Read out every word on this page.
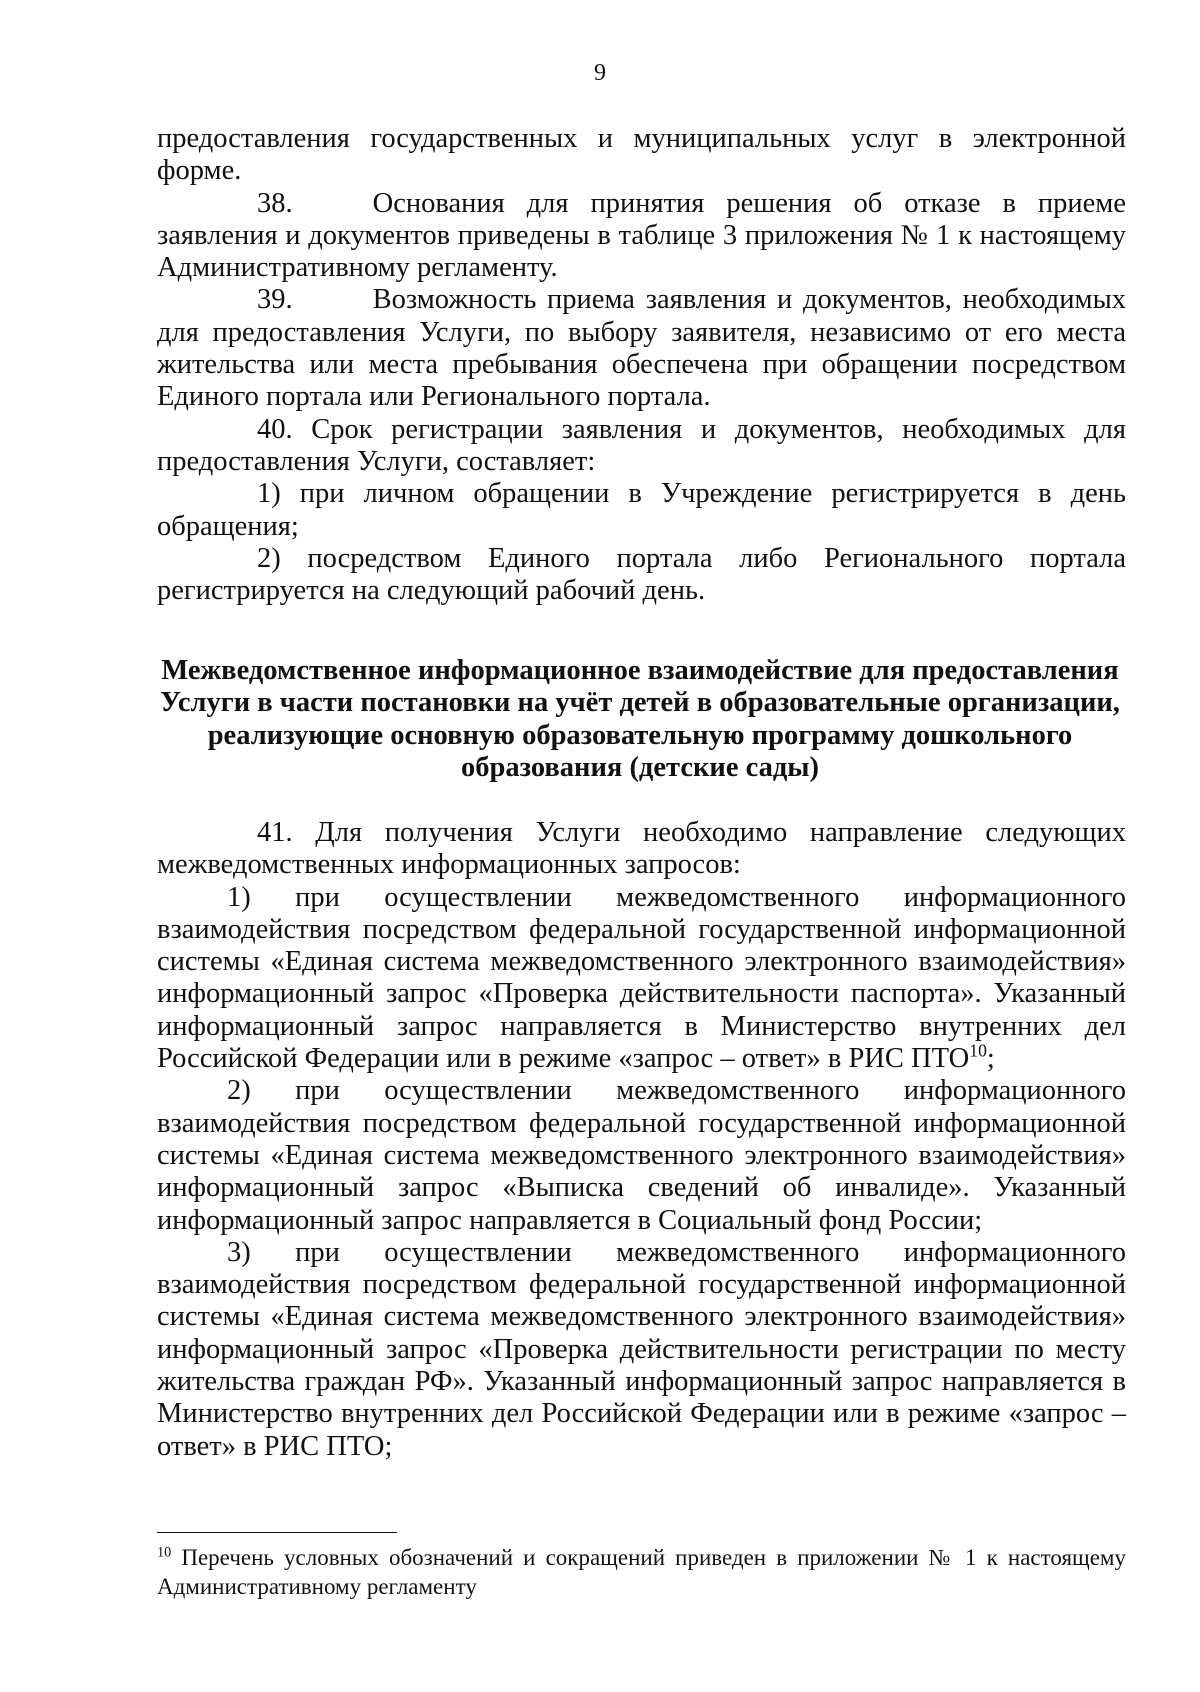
9

предоставления государственных и муниципальных услуг в электронной форме.

38.	Основания для принятия решения об отказе в приеме заявления и документов приведены в таблице 3 приложения № 1 к настоящему Административному регламенту.

39.	Возможность приема заявления и документов, необходимых для предоставления Услуги, по выбору заявителя, независимо от его места жительства или места пребывания обеспечена при обращении посредством Единого портала или Регионального портала.

40. Срок регистрации заявления и документов, необходимых для предоставления Услуги, составляет:

1) при личном обращении в Учреждение регистрируется в день обращения;

2) посредством Единого портала либо Регионального портала регистрируется на следующий рабочий день.

Межведомственное информационное взаимодействие для предоставления
Услуги в части постановки на учёт детей в образовательные организации,
реализующие основную образовательную программу дошкольного
образования (детские сады)

41. Для получения Услуги необходимо направление следующих межведомственных информационных запросов:

1) при осуществлении межведомственного информационного взаимодействия посредством федеральной государственной информационной системы «Единая система межведомственного электронного взаимодействия» информационный запрос «Проверка действительности паспорта». Указанный информационный запрос направляется в Министерство внутренних дел Российской Федерации или в режиме «запрос – ответ» в РИС ПТО$^{10}$;

2) при осуществлении межведомственного информационного взаимодействия посредством федеральной государственной информационной системы «Единая система межведомственного электронного взаимодействия» информационный запрос «Выписка сведений об инвалиде». Указанный информационный запрос направляется в Социальный фонд России;

3) при осуществлении межведомственного информационного взаимодействия посредством федеральной государственной информационной системы «Единая система межведомственного электронного взаимодействия» информационный запрос «Проверка действительности регистрации по месту жительства граждан РФ». Указанный информационный запрос направляется в Министерство внутренних дел Российской Федерации или в режиме «запрос – ответ» в РИС ПТО;

$^{10}$ Перечень условных обозначений и сокращений приведен в приложении № 1 к настоящему Административному регламенту
